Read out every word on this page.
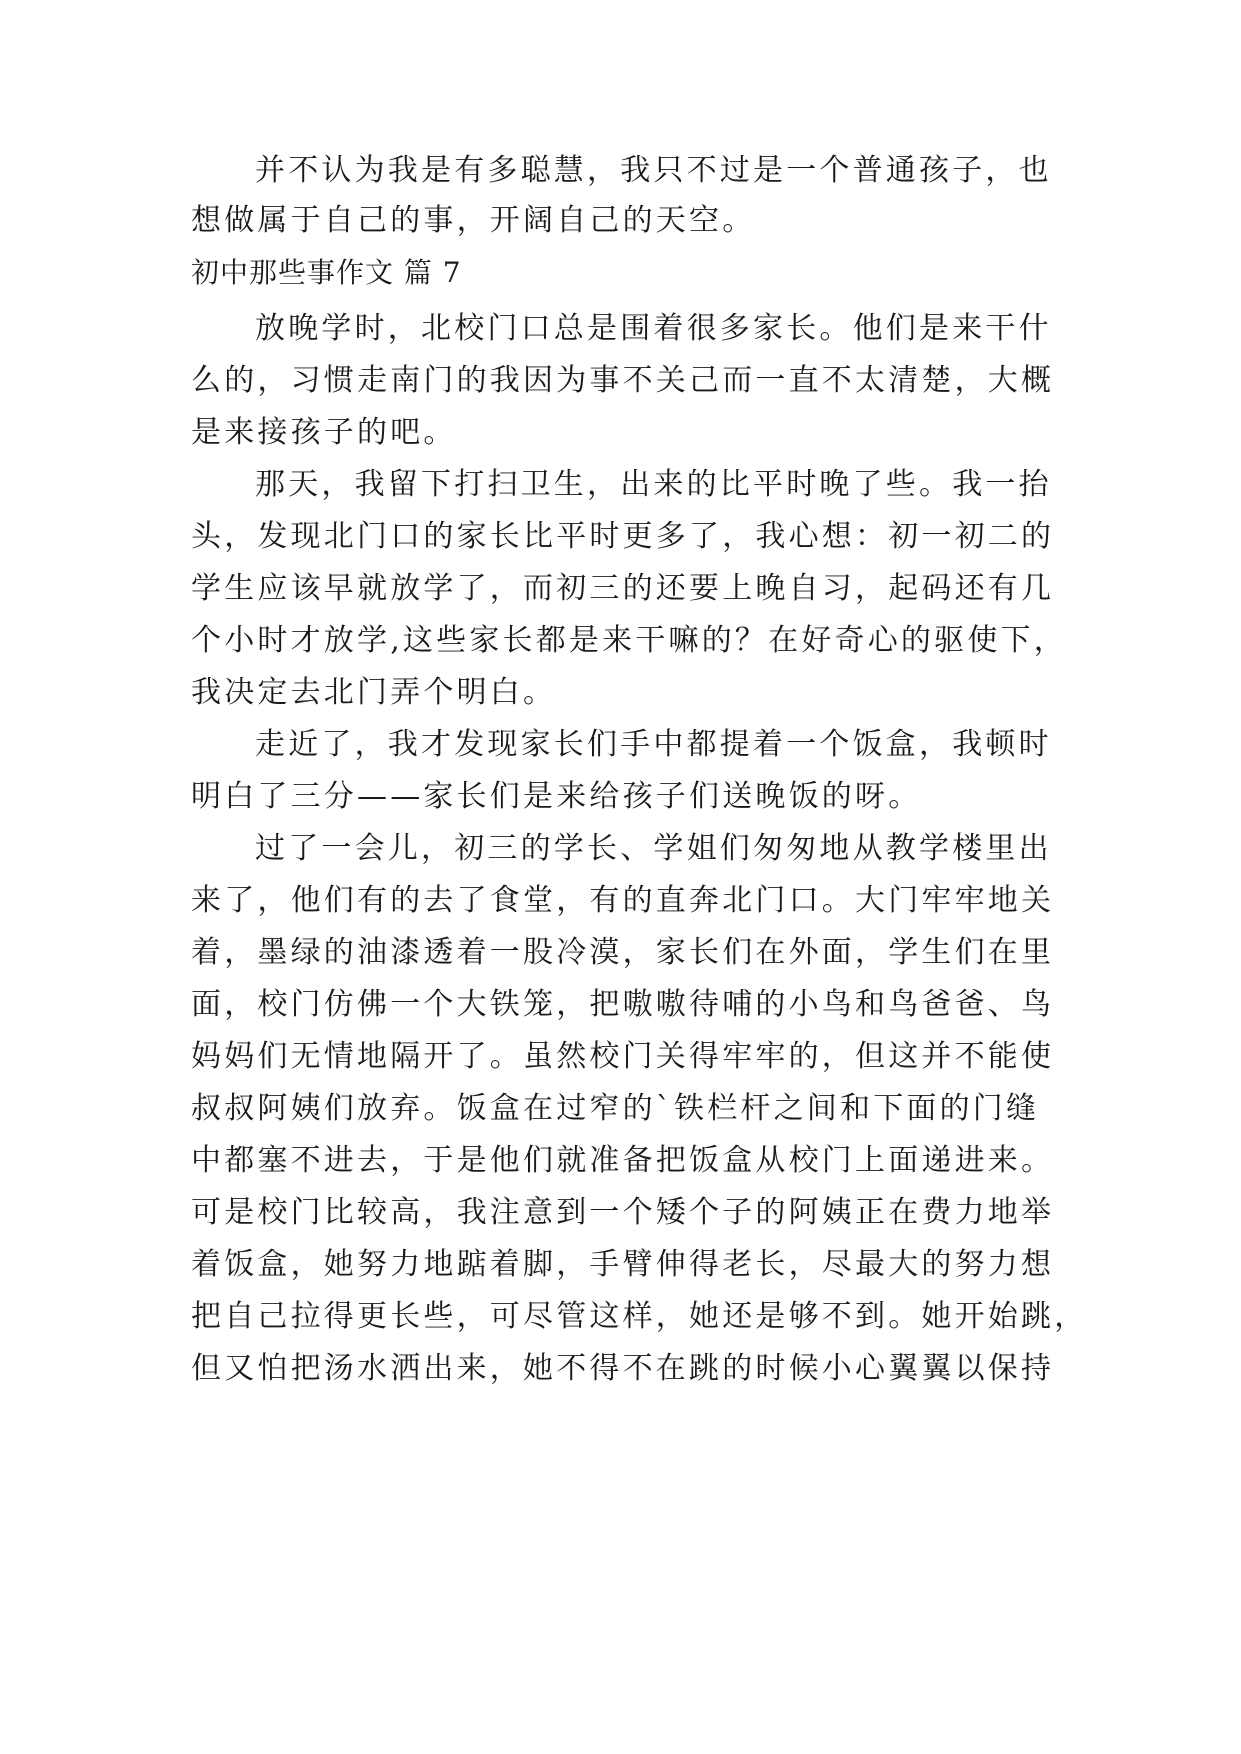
并不认为我是有多聪慧，我只不过是一个普通孩子，也
想做属于自己的事，开阔自己的天空。
初中那些事作文 篇 7
放晚学时，北校门口总是围着很多家长。他们是来干什
么的，习惯走南门的我因为事不关己而一直不太清楚，大概
是来接孩子的吧。
那天，我留下打扫卫生，出来的比平时晚了些。我一抬
头，发现北门口的家长比平时更多了，我心想：初一初二的
学生应该早就放学了，而初三的还要上晚自习，起码还有几
个小时才放学,这些家长都是来干嘛的？在好奇心的驱使下，
我决定去北门弄个明白。
走近了，我才发现家长们手中都提着一个饭盒，我顿时
明白了三分——家长们是来给孩子们送晚饭的呀。
过了一会儿，初三的学长、学姐们匆匆地从教学楼里出
来了，他们有的去了食堂，有的直奔北门口。大门牢牢地关
着，墨绿的油漆透着一股冷漠，家长们在外面，学生们在里
面，校门仿佛一个大铁笼，把嗷嗷待哺的小鸟和鸟爸爸、鸟
妈妈们无情地隔开了。虽然校门关得牢牢的，但这并不能使
叔叔阿姨们放弃。饭盒在过窄的`铁栏杆之间和下面的门缝
中都塞不进去，于是他们就准备把饭盒从校门上面递进来。
可是校门比较高，我注意到一个矮个子的阿姨正在费力地举
着饭盒，她努力地踮着脚，手臂伸得老长，尽最大的努力想
把自己拉得更长些，可尽管这样，她还是够不到。她开始跳，
但又怕把汤水洒出来，她不得不在跳的时候小心翼翼以保持
